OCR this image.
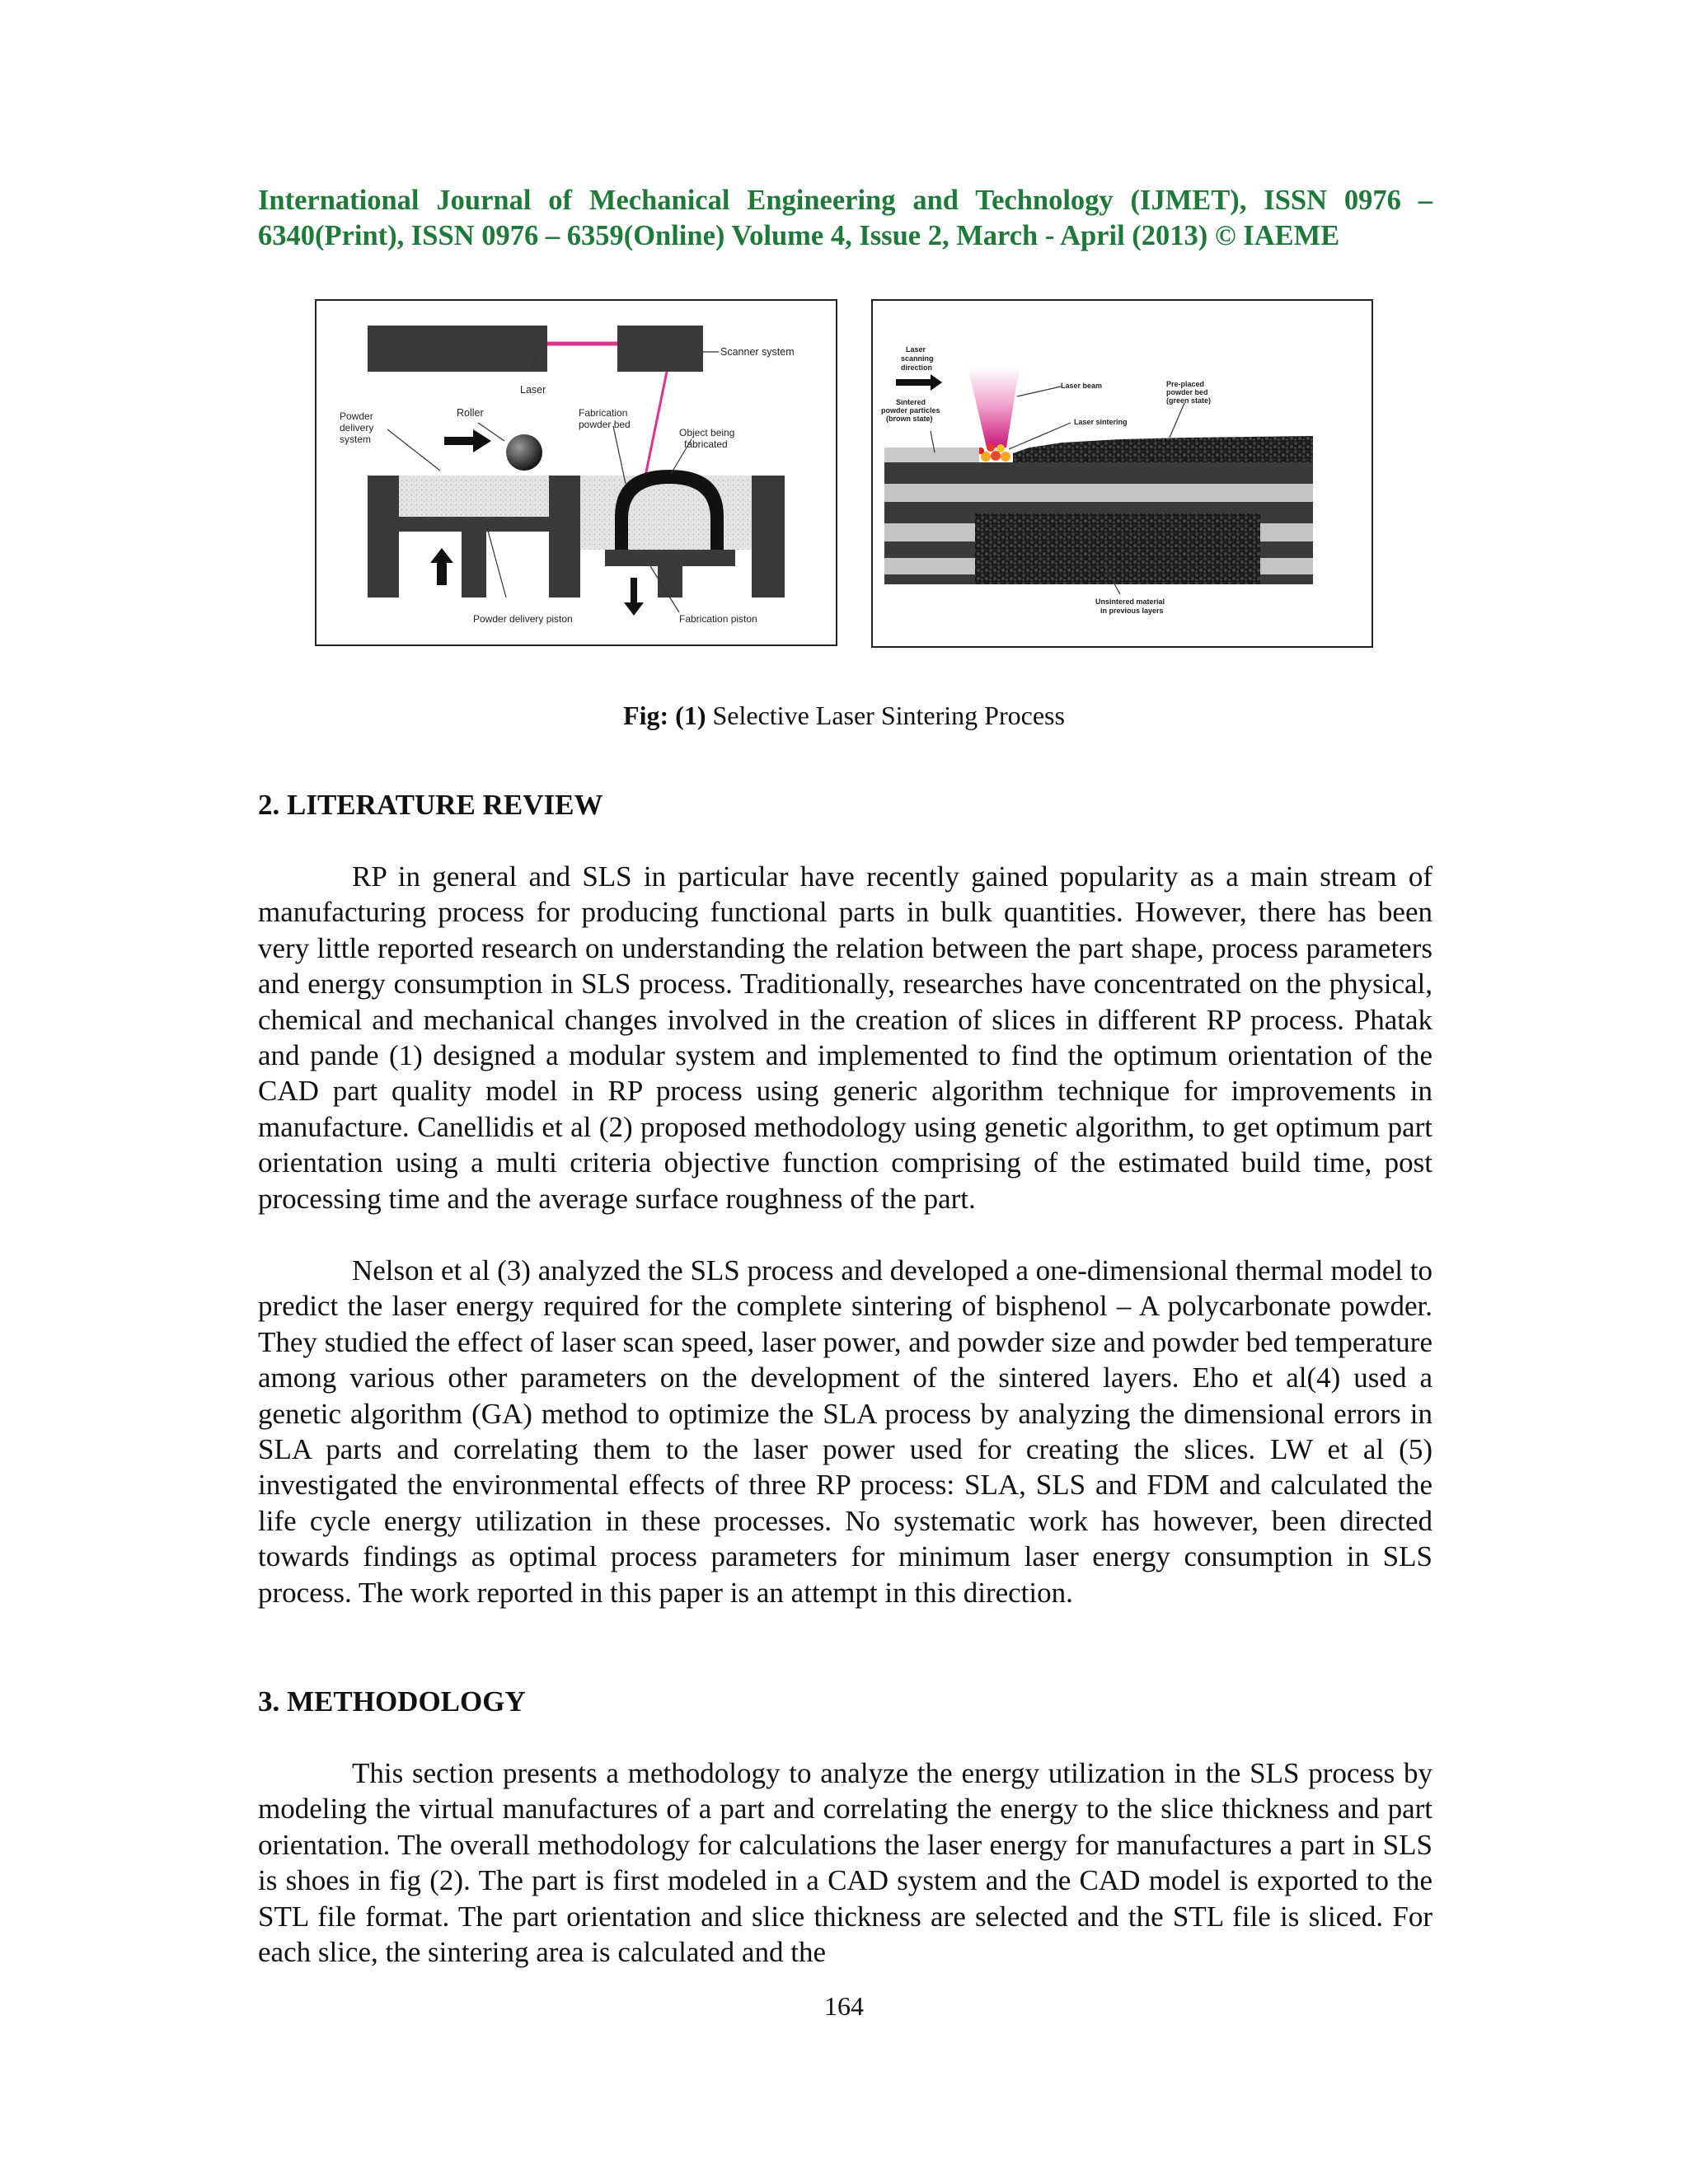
International Journal of Mechanical Engineering and Technology (IJMET), ISSN 0976 –
6340(Print), ISSN 0976 – 6359(Online) Volume 4, Issue 2, March - April (2013) © IAEME
Scanner system
Laser
Roller
Powder
delivery
system
Fabrication
powder bed
Object being
fabricated
Powder delivery piston	Fabrication piston
Laser
scanning
direction
Laser beam	Pre-placed
powder bed
(green state)
Sintered
powder particles
(brown state)	Laser sintering
Unsintered material
in previous layers
Fig: (1) Selective Laser Sintering Process
2. LITERATURE REVIEW

RP in general and SLS in particular have recently gained popularity as a main stream of manufacturing process for producing functional parts in bulk quantities. However, there has been very little reported research on understanding the relation between the part shape, process parameters and energy consumption in SLS process. Traditionally, researches have concentrated on the physical, chemical and mechanical changes involved in the creation of slices in different RP process. Phatak and pande (1) designed a modular system and implemented to find the optimum orientation of the CAD part quality model in RP process using generic algorithm technique for improvements in manufacture. Canellidis et al (2) proposed methodology using genetic algorithm, to get optimum part orientation using a multi criteria objective function comprising of the estimated build time, post processing time and the average surface roughness of the part.

Nelson et al (3) analyzed the SLS process and developed a one-dimensional thermal model to predict the laser energy required for the complete sintering of bisphenol – A polycarbonate powder. They studied the effect of laser scan speed, laser power, and powder size and powder bed temperature among various other parameters on the development of the sintered layers. Eho et al(4) used a genetic algorithm (GA) method to optimize the SLA process by analyzing the dimensional errors in SLA parts and correlating them to the laser power used for creating the slices. LW et al (5) investigated the environmental effects of three RP process: SLA, SLS and FDM and calculated the life cycle energy utilization in these processes. No systematic work has however, been directed towards findings as optimal process parameters for minimum laser energy consumption in SLS process. The work reported in this paper is an attempt in this direction.

3. METHODOLOGY

This section presents a methodology to analyze the energy utilization in the SLS process by modeling the virtual manufactures of a part and correlating the energy to the slice thickness and part orientation. The overall methodology for calculations the laser energy for manufactures a part in SLS is shoes in fig (2). The part is first modeled in a CAD system and the CAD model is exported to the STL file format. The part orientation and slice thickness are selected and the STL file is sliced. For each slice, the sintering area is calculated and the

164
